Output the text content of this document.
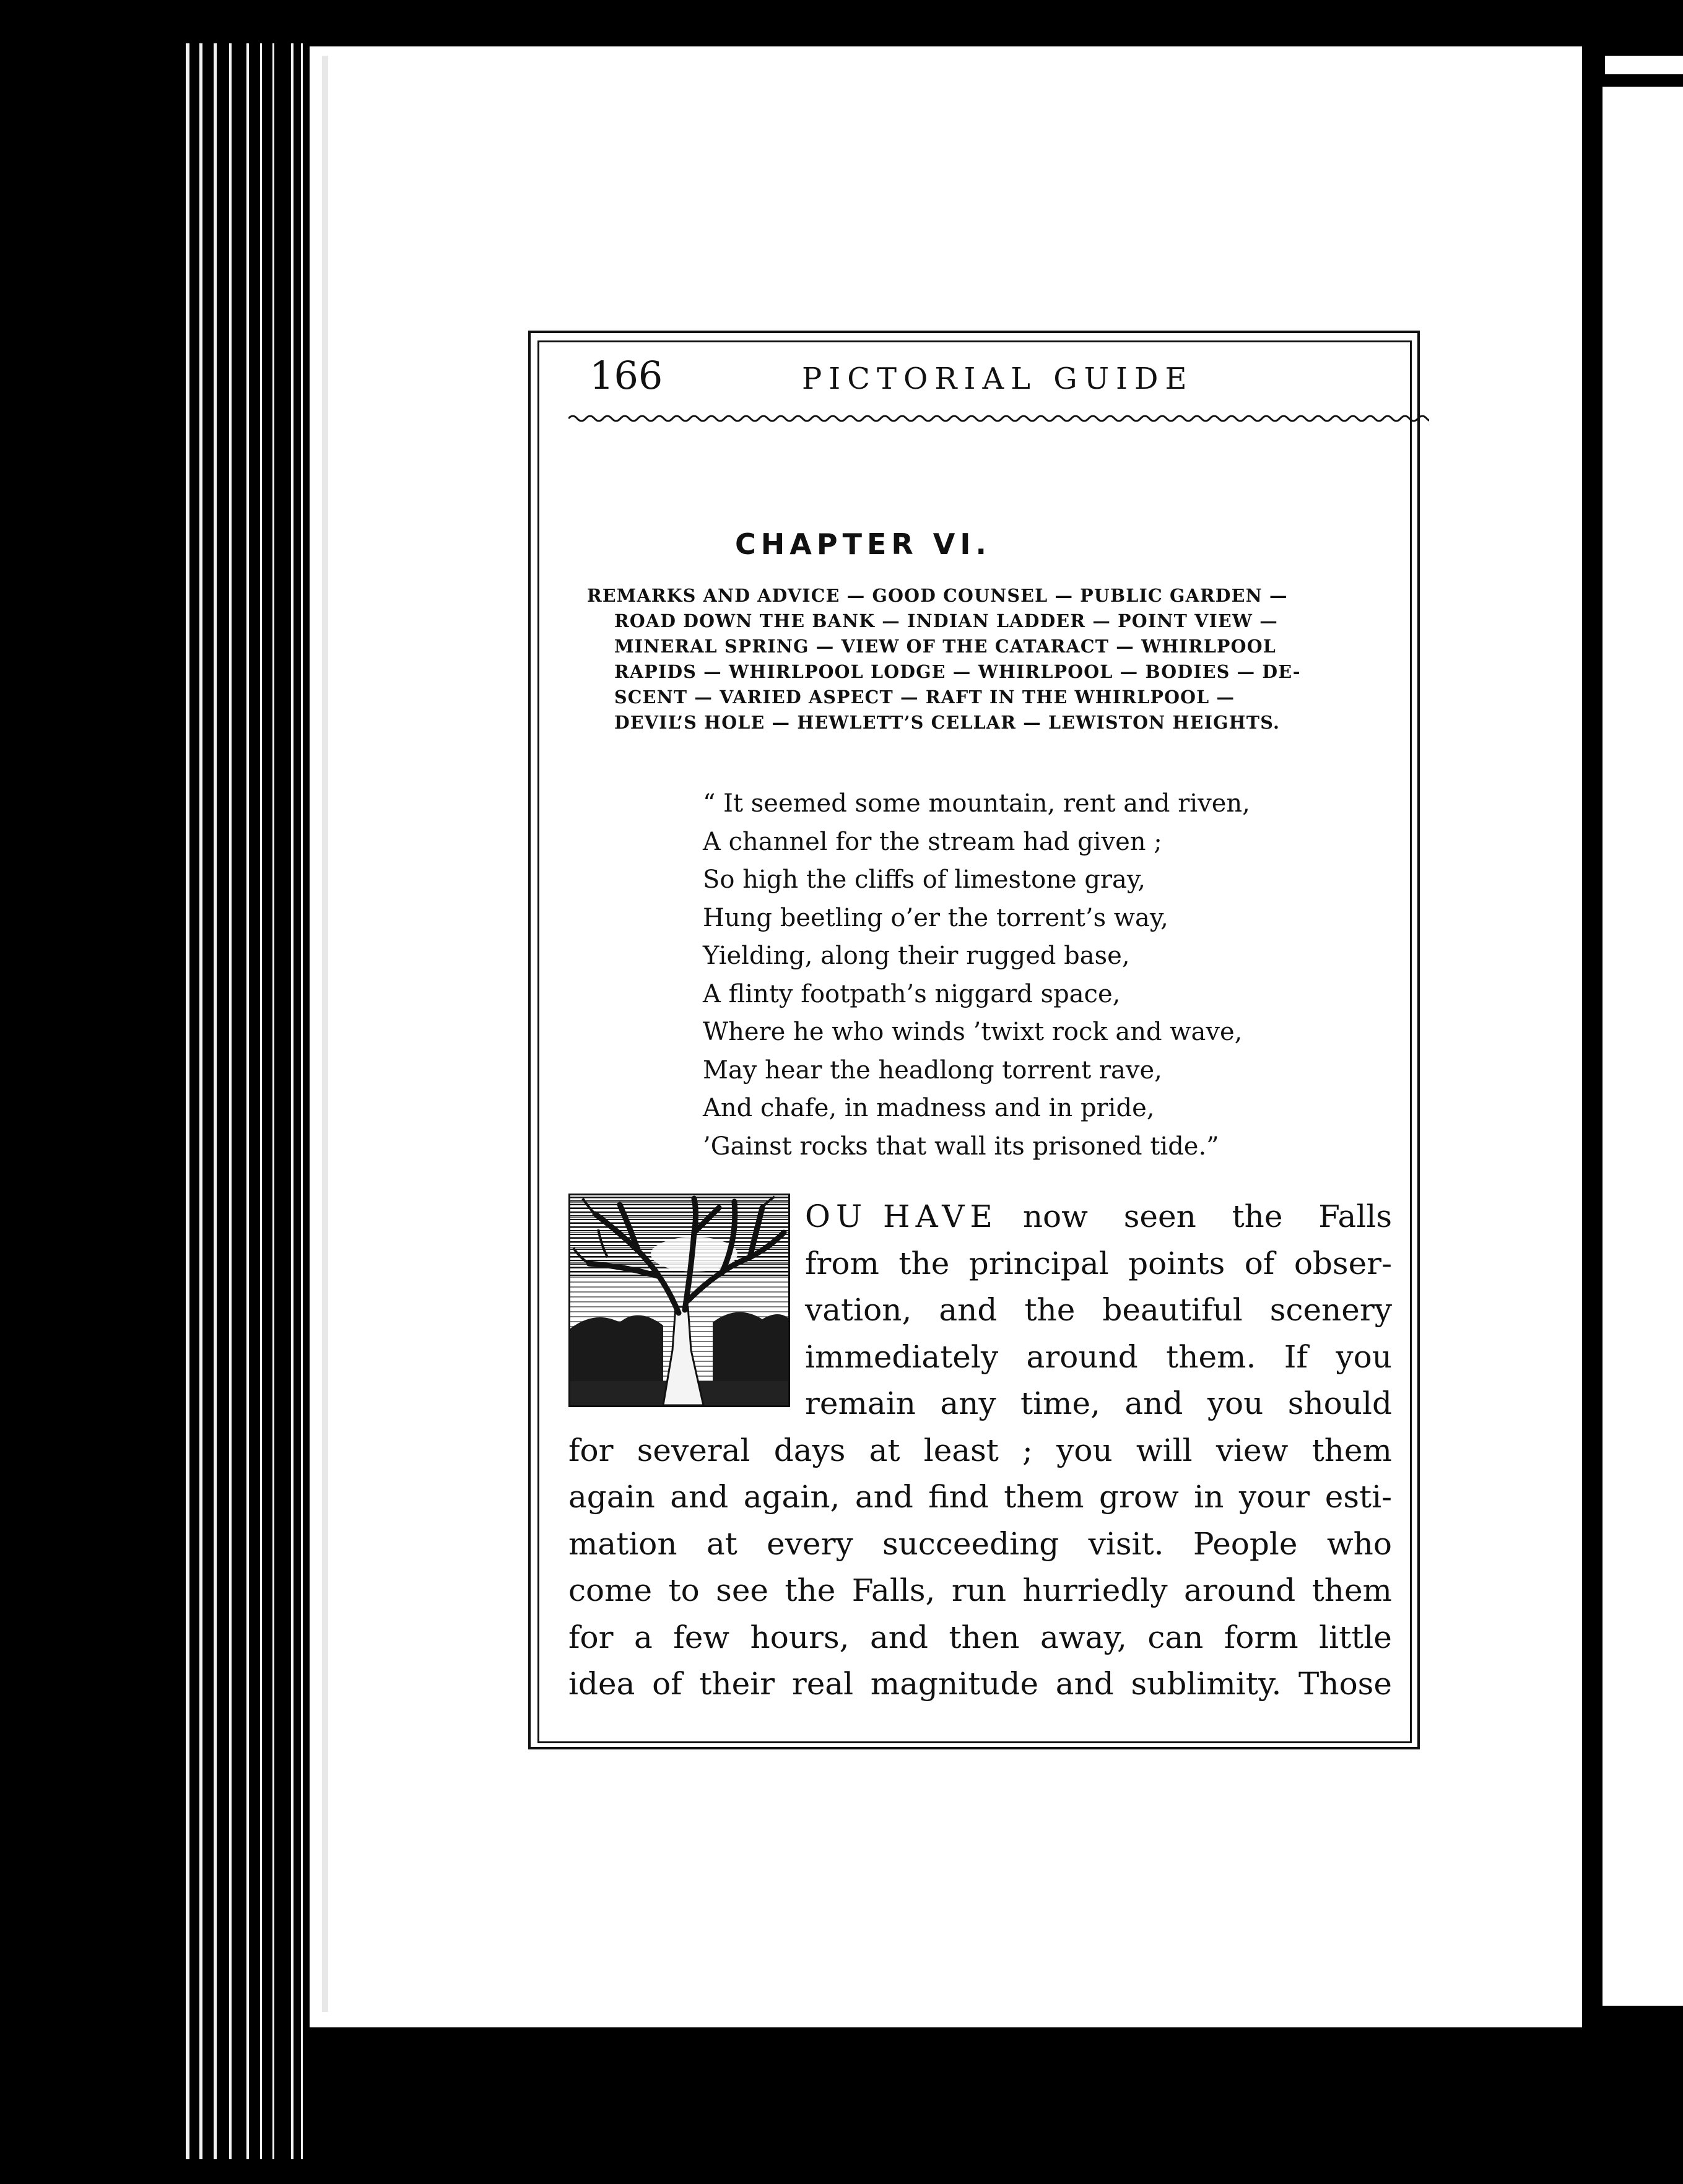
166	PICTORIAL GUIDE
CHAPTER VI.
REMARKS AND ADVICE — GOOD COUNSEL — PUBLIC GARDEN —
ROAD DOWN THE BANK — INDIAN LADDER — POINT VIEW —
MINERAL SPRING — VIEW OF THE CATARACT — WHIRLPOOL
RAPIDS — WHIRLPOOL LODGE — WHIRLPOOL — BODIES — DE-
SCENT — VARIED ASPECT — RAFT IN THE WHIRLPOOL —
DEVIL’S HOLE — HEWLETT’S CELLAR — LEWISTON HEIGHTS.
“ It seemed some mountain, rent and riven,
A channel for the stream had given ;
So high the cliffs of limestone gray,
Hung beetling o’er the torrent’s way,
Yielding, along their rugged base,
A flinty footpath’s niggard space,
Where he who winds ’twixt rock and wave,
May hear the headlong torrent rave,
And chafe, in madness and in pride,
’Gainst rocks that wall its prisoned tide.”
OU HAVE now seen the Falls
from the principal points of obser-
vation, and the beautiful scenery
immediately around them. If you
remain any time, and you should
for several days at least ; you will view them
again and again, and find them grow in your esti-
mation at every succeeding visit. People who
come to see the Falls, run hurriedly around them
for a few hours, and then away, can form little
idea of their real magnitude and sublimity. Those
